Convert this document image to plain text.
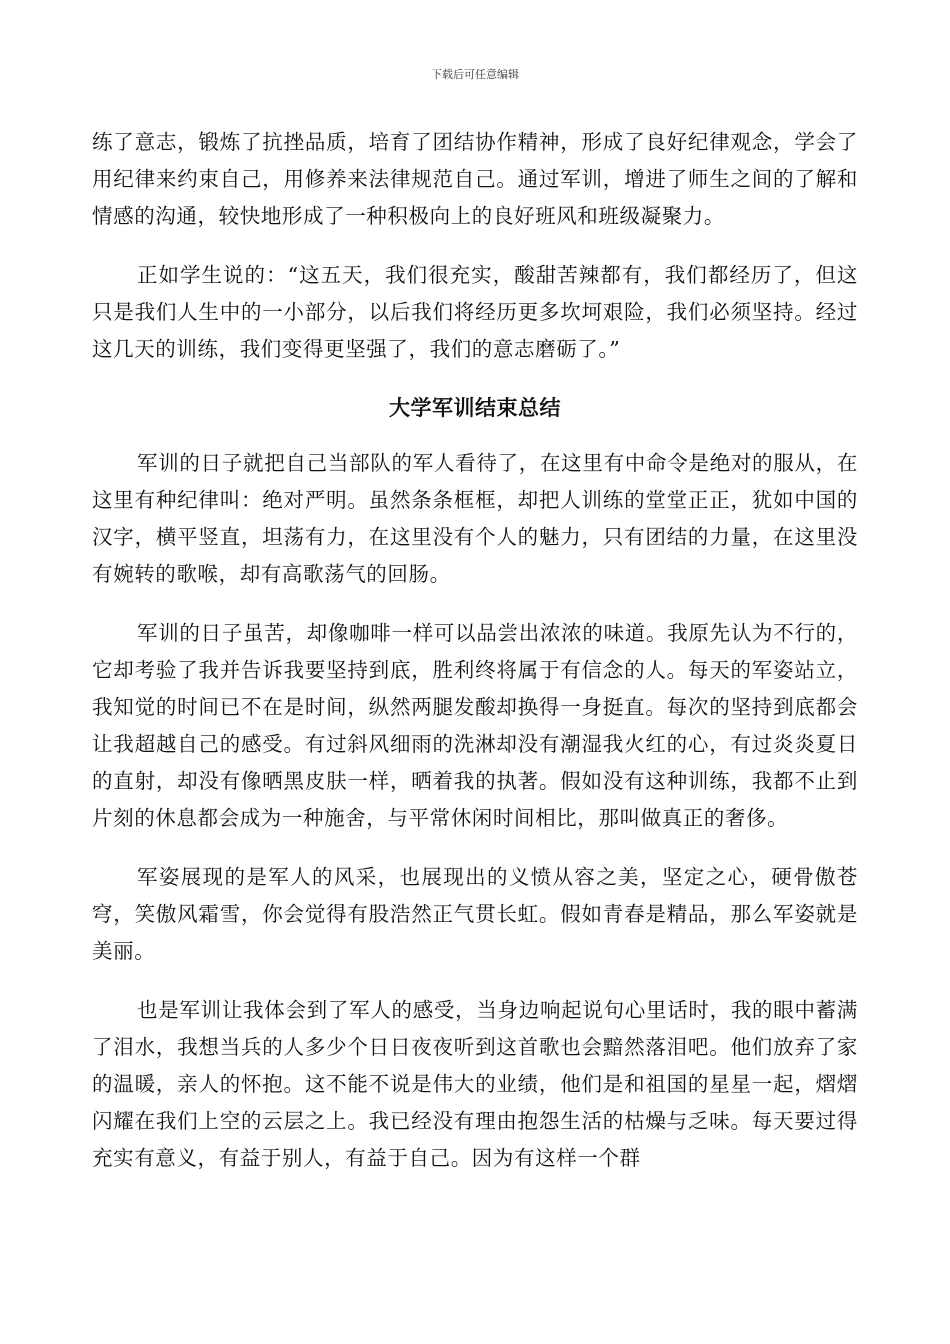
下载后可任意编辑

练了意志，锻炼了抗挫品质，培育了团结协作精神，形成了良好纪律观念，学会了用纪律来约束自己，用修养来法律规范自己。通过军训，增进了师生之间的了解和情感的沟通，较快地形成了一种积极向上的良好班风和班级凝聚力。

正如学生说的：“这五天，我们很充实，酸甜苦辣都有，我们都经历了，但这只是我们人生中的一小部分，以后我们将经历更多坎坷艰险，我们必须坚持。经过这几天的训练，我们变得更坚强了，我们的意志磨砺了。”

大学军训结束总结

军训的日子就把自己当部队的军人看待了，在这里有中命令是绝对的服从，在这里有种纪律叫：绝对严明。虽然条条框框，却把人训练的堂堂正正，犹如中国的汉字，横平竖直，坦荡有力，在这里没有个人的魅力，只有团结的力量，在这里没有婉转的歌喉，却有高歌荡气的回肠。

军训的日子虽苦，却像咖啡一样可以品尝出浓浓的味道。我原先认为不行的，它却考验了我并告诉我要坚持到底，胜利终将属于有信念的人。每天的军姿站立，我知觉的时间已不在是时间，纵然两腿发酸却换得一身挺直。每次的坚持到底都会让我超越自己的感受。有过斜风细雨的洗淋却没有潮湿我火红的心，有过炎炎夏日的直射，却没有像晒黑皮肤一样，晒着我的执著。假如没有这种训练，我都不止到片刻的休息都会成为一种施舍，与平常休闲时间相比，那叫做真正的奢侈。

军姿展现的是军人的风采，也展现出的义愤从容之美，坚定之心，硬骨傲苍穹，笑傲风霜雪，你会觉得有股浩然正气贯长虹。假如青春是精品，那么军姿就是美丽。

也是军训让我体会到了军人的感受，当身边响起说句心里话时，我的眼中蓄满了泪水，我想当兵的人多少个日日夜夜听到这首歌也会黯然落泪吧。他们放弃了家的温暖，亲人的怀抱。这不能不说是伟大的业绩，他们是和祖国的星星一起，熠熠闪耀在我们上空的云层之上。我已经没有理由抱怨生活的枯燥与乏味。每天要过得充实有意义，有益于别人，有益于自己。因为有这样一个群
